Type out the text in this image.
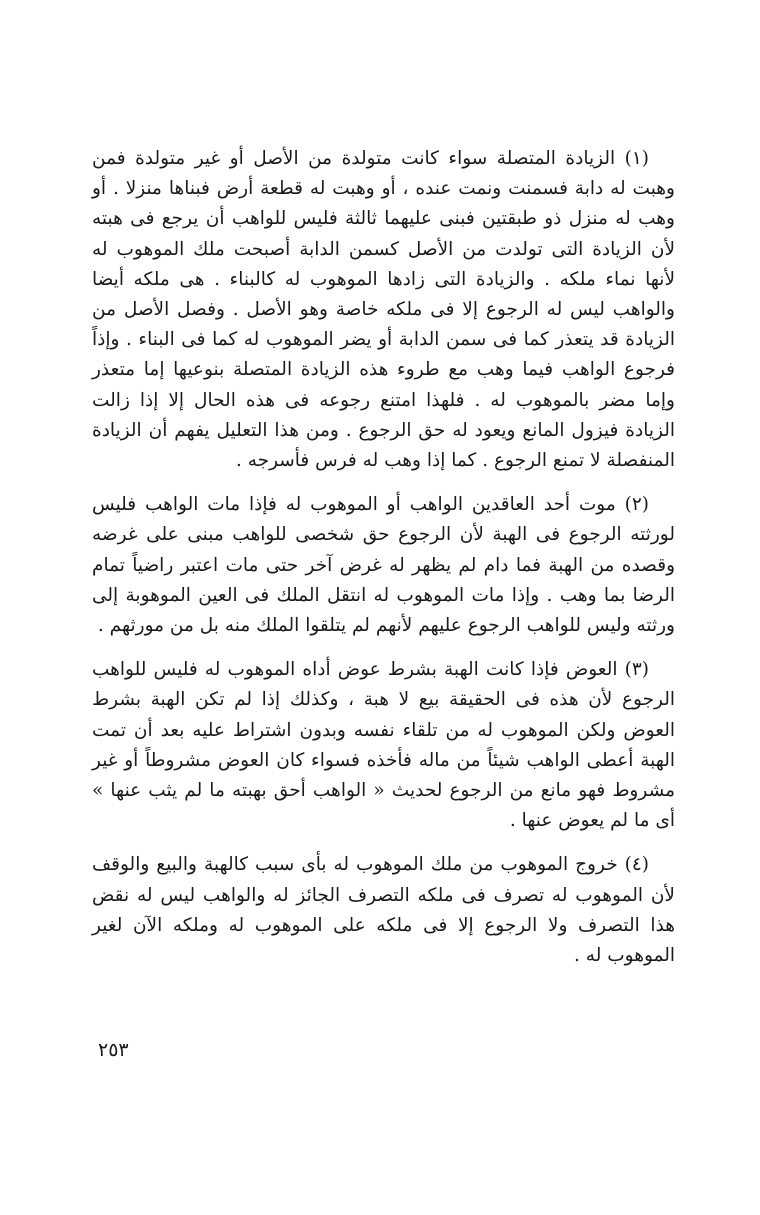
(١) الزيادة المتصلة سواء كانت متولدة من الأصل أو غير متولدة فمن وهبت له دابة فسمنت ونمت عنده ، أو وهبت له قطعة أرض فبناها منزلا . أو وهب له منزل ذو طبقتين فبنى عليهما ثالثة فليس للواهب أن يرجع فى هبته لأن الزيادة التى تولدت من الأصل كسمن الدابة أصبحت ملك الموهوب له لأنها نماء ملكه . والزيادة التى زادها الموهوب له كالبناء . هى ملكه أيضا والواهب ليس له الرجوع إلا فى ملكه خاصة وهو الأصل . وفصل الأصل من الزيادة قد يتعذر كما فى سمن الدابة أو يضر الموهوب له كما فى البناء . وإذاً فرجوع الواهب فيما وهب مع طروء هذه الزيادة المتصلة بنوعيها إما متعذر وإما مضر بالموهوب له . فلهذا امتنع رجوعه فى هذه الحال إلا إذا زالت الزيادة فيزول المانع ويعود له حق الرجوع . ومن هذا التعليل يفهم أن الزيادة المنفصلة لا تمنع الرجوع . كما إذا وهب له فرس فأسرجه .

(٢) موت أحد العاقدين الواهب أو الموهوب له فإذا مات الواهب فليس لورثته الرجوع فى الهبة لأن الرجوع حق شخصى للواهب مبنى على غرضه وقصده من الهبة فما دام لم يظهر له غرض آخر حتى مات اعتبر راضياً تمام الرضا بما وهب . وإذا مات الموهوب له انتقل الملك فى العين الموهوبة إلى ورثته وليس للواهب الرجوع عليهم لأنهم لم يتلقوا الملك منه بل من مورثهم .

(٣) العوض فإذا كانت الهبة بشرط عوض أداه الموهوب له فليس للواهب الرجوع لأن هذه فى الحقيقة بيع لا هبة ، وكذلك إذا لم تكن الهبة بشرط العوض ولكن الموهوب له من تلقاء نفسه وبدون اشتراط عليه بعد أن تمت الهبة أعطى الواهب شيئاً من ماله فأخذه فسواء كان العوض مشروطاً أو غير مشروط فهو مانع من الرجوع لحديث « الواهب أحق بهبته ما لم يثب عنها » أى ما لم يعوض عنها .

(٤) خروج الموهوب من ملك الموهوب له بأى سبب كالهبة والبيع والوقف لأن الموهوب له تصرف فى ملكه التصرف الجائز له والواهب ليس له نقض هذا التصرف ولا الرجوع إلا فى ملكه على الموهوب له وملكه الآن لغير الموهوب له .

٢٥٣
